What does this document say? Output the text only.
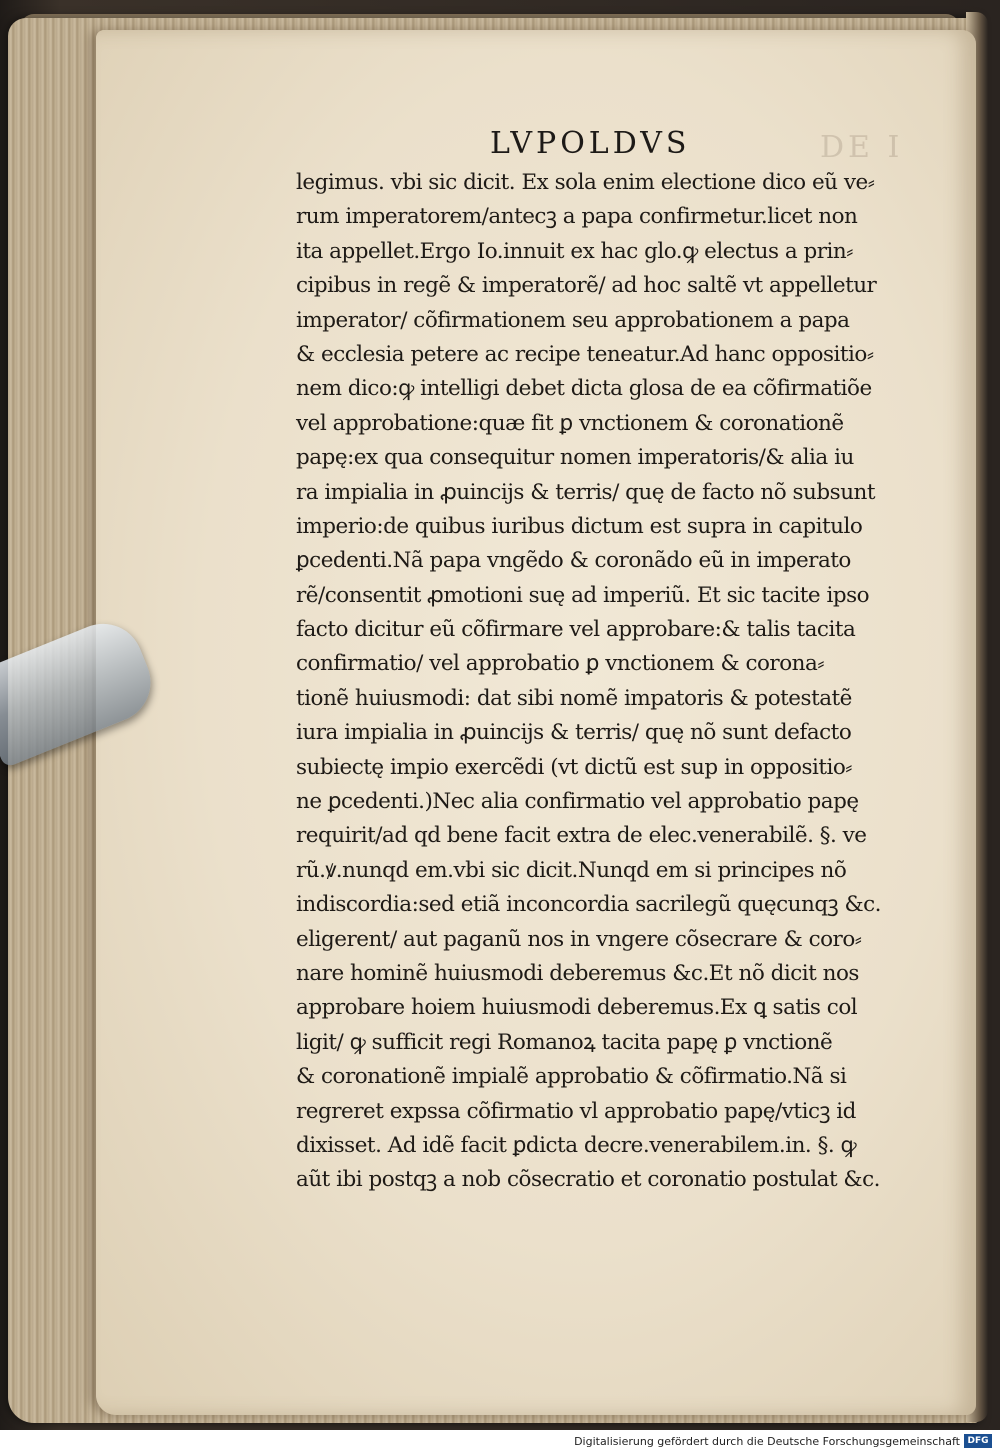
DE I
LVPOLDVS
legimus. vbi sic dicit. Ex sola enim electione dico eũ ve⸗
rum imperatorem/antecꝫ a papa confirmetur.licet non
ita appellet.Ergo Io.innuit ex hac glo.ꝙ electus a prin⸗
cipibus in regẽ & imperatorẽ/ ad hoc saltẽ vt appelletur
imperator/ cõfirmationem seu approbationem a papa
& ecclesia petere ac recipe teneatur.Ad hanc oppositio⸗
nem dico:ꝙ intelligi debet dicta glosa de ea cõfirmatiõe
vel approbatione:quæ fit ꝑ vnctionem & coronationẽ
papę:ex qua consequitur nomen imperatoris/& alia iu
ra impialia in ꝓuincijs & terris/ quę de facto nõ subsunt
imperio:de quibus iuribus dictum est supra in capitulo
ꝑcedenti.Nã papa vngẽdo & coronãdo eũ in imperato
rẽ/consentit ꝓmotioni suę ad imperiũ. Et sic tacite ipso
facto dicitur eũ cõfirmare vel approbare:& talis tacita
confirmatio/ vel approbatio ꝑ vnctionem & corona⸗
tionẽ huiusmodi: dat sibi nomẽ impatoris & potestatẽ
iura impialia in ꝓuincijs & terris/ quę nõ sunt defacto
subiectę impio exercẽdi (vt dictũ est sup in oppositio⸗
ne ꝑcedenti.)Nec alia confirmatio vel approbatio papę
requirit/ad qd bene facit extra de elec.venerabilẽ. §. ve
rũ.ꝟ.nunqd em.vbi sic dicit.Nunqd em si principes nõ
indiscordia:sed etiã inconcordia sacrilegũ quęcunqꝫ &c.
eligerent/ aut paganũ nos in vngere cõsecrare & coro⸗
nare hominẽ huiusmodi deberemus &c.Et nõ dicit nos
approbare hoiem huiusmodi deberemus.Ex ꝗ satis col
ligit/ ꝙ sufficit regi Romanoꝝ tacita papę ꝑ vnctionẽ
& coronationẽ impialẽ approbatio & cõfirmatio.Nã si
regreret expssa cõfirmatio vl approbatio papę/vticꝫ id
dixisset. Ad idẽ facit ꝑdicta decre.venerabilem.in. §. ꝙ
aũt ibi postqꝫ a nob cõsecratio et coronatio postulat &c.
Digitalisierung gefördert durch die Deutsche Forschungsgemeinschaft DFG
